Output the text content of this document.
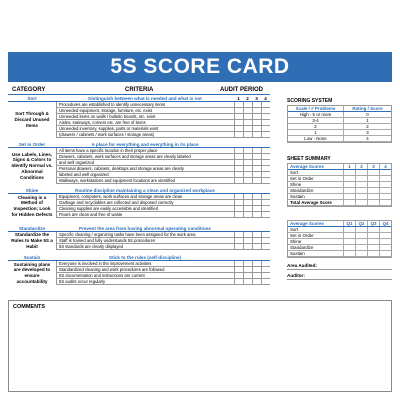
5S SCORE CARD
CATEGORY	CRITERIA	AUDIT PERIOD
Sort	Distinguish between what is needed and what is not	1	2	3	4
Sort Through & Discard Unused Items
Procedures are established to identify unnecessary items
Unneeded equipment, storage, furniture, etc. exist
Unneeded items on walls / bulletin boards, etc. exist
Aisles, stairways, corners etc. are free of items
Unneeded inventory, supplies, parts or materials exist
(drawers / cabinets / work surfaces / storage areas)
Set in Order	A place for everything and everything in its place
Use Labels, Lines, Signs & Colors to Identify Normal vs. Abnormal Conditions
All items have a specific location in their proper place
Drawers, cabinets, work surfaces and storage areas are clearly labeled
and well organized
Personal drawers, cabinets, desktops and storage areas are clearly
labeled and well organized
Walkways, workstations and equipment locations are identified
Shine	Routine discipline maintaining a clean and organized workplace
Cleaning is a Method of Inspection; Look for Hidden Defects
Equipment, computers, work surfaces and storage areas are clean
Garbage and recyclables are collected and disposed correctly
Cleaning supplies are easily accessible and identified
Floors are clean and free of waste
Standardize	Prevent the area from having abnormal operating conditions
Standardize the Rules to Make 5S a Habit
Specific cleaning / organizing tasks have been assigned for the work area
Staff is trained and fully understands 5S procedures
5S standards are clearly displayed
Sustain	Stick to the rules (self-discipline)
Sustaining plans are developed to ensure accountability
Everyone is involved in the improvement activities
Standardized cleaning and work procedures are followed
5S documentation and instructions are current
5S audits occur regularly
SCORING SYSTEM
Scale / # Problems	Rating / Score
High - 5 or more	0
3-4	1
2	2
1	3
Low - None	4
SHEET SUMMARY
Average Scores	1	2	3	4
Sort
Set in Order
Shine
Standardize
Sustain
Total Average Score
Average Scores	Q1	Q2	Q3	Q4
Sort
Set in Order
Shine
Standardize
Sustain
Area Audited:
Auditor:
COMMENTS
